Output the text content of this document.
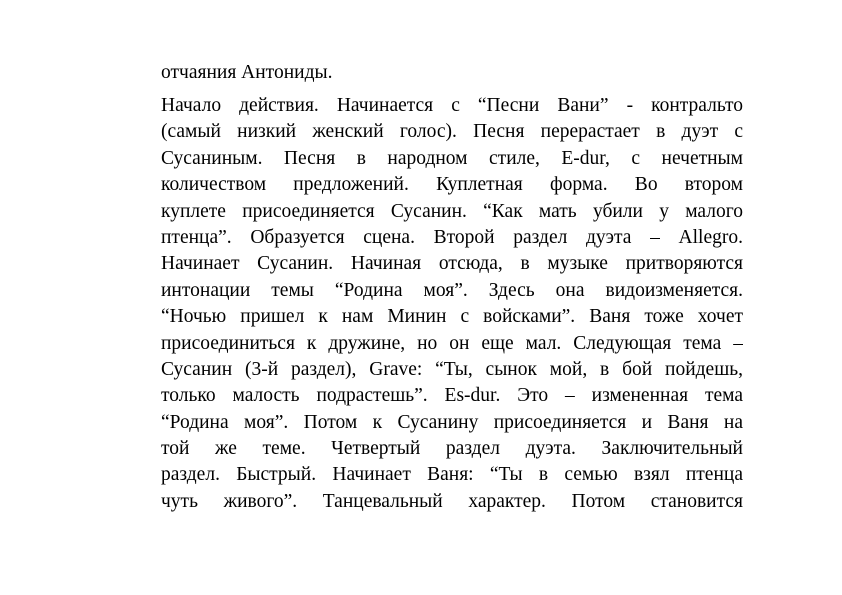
отчаяния Антониды.
Начало действия. Начинается с “Песни Вани” - контральто
(самый низкий женский голос). Песня перерастает в дуэт с
Сусаниным. Песня в народном стиле, E-dur, с нечетным
количеством предложений. Куплетная форма. Во втором
куплете присоединяется Сусанин. “Как мать убили у малого
птенца”. Образуется сцена. Второй раздел дуэта – Allegro.
Начинает Сусанин. Начиная отсюда, в музыке притворяются
интонации темы “Родина моя”. Здесь она видоизменяется.
“Ночью пришел к нам Минин с войсками”. Ваня тоже хочет
присоединиться к дружине, но он еще мал. Следующая тема –
Сусанин (3-й раздел), Grave: “Ты, сынок мой, в бой пойдешь,
только малость подрастешь”. Es-dur. Это – измененная тема
“Родина моя”. Потом к Сусанину присоединяется и Ваня на
той же теме. Четвертый раздел дуэта. Заключительный
раздел. Быстрый. Начинает Ваня: “Ты в семью взял птенца
чуть живого”. Танцевальный характер. Потом становится
